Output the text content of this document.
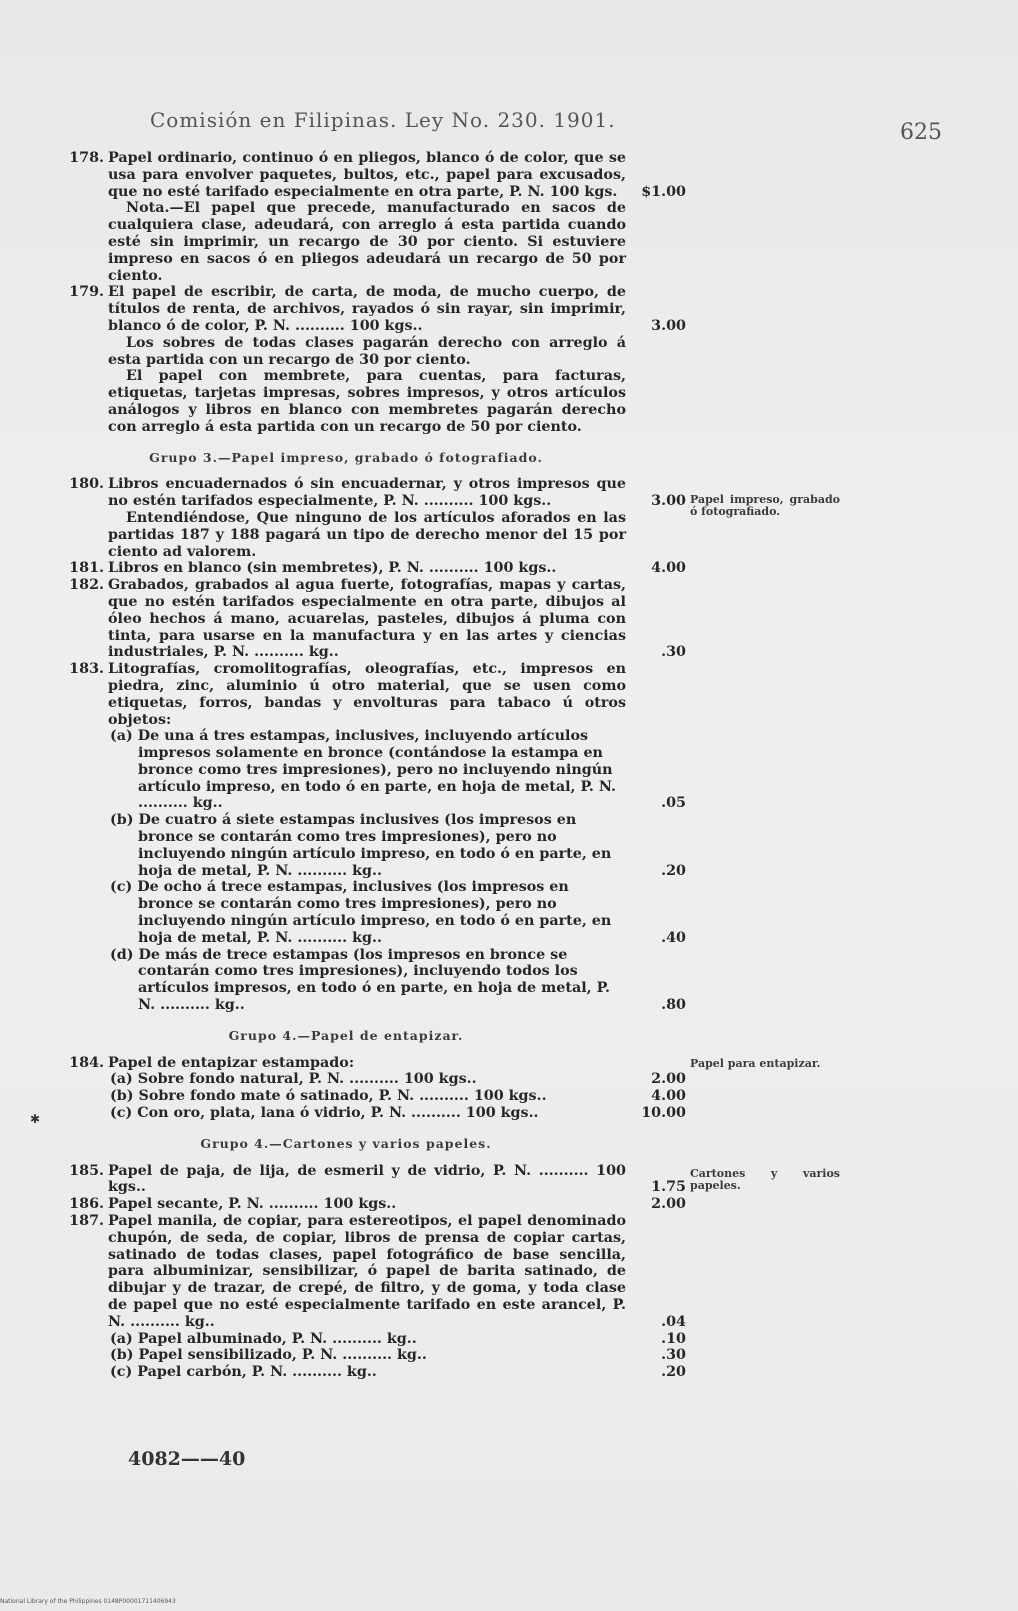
Comisión en Filipinas. Ley No. 230. 1901.	625
178. Papel ordinario, continuo ó en pliegos, blanco ó de color, que se usa para envolver paquetes, bultos, etc., papel para excusados, que no esté tarifado especialmente en otra parte, P. N. 100 kgs.	$1.00
Nota.—El papel que precede, manufacturado en sacos de cualquiera clase, adeudará, con arreglo á esta partida cuando esté sin imprimir, un recargo de 30 por ciento. Si estuviere impreso en sacos ó en pliegos adeudará un recargo de 50 por ciento.
179. El papel de escribir, de carta, de moda, de mucho cuerpo, de títulos de renta, de archivos, rayados ó sin rayar, sin imprimir, blanco ó de color, P. N. .......... 100 kgs..	3.00
Los sobres de todas clases pagarán derecho con arreglo á esta partida con un recargo de 30 por ciento.
El papel con membrete, para cuentas, para facturas, etiquetas, tarjetas impresas, sobres impresos, y otros artículos análogos y libros en blanco con membretes pagarán derecho con arreglo á esta partida con un recargo de 50 por ciento.
Grupo 3.—Papel impreso, grabado ó fotografiado.
180. Libros encuadernados ó sin encuadernar, y otros impresos que no estén tarifados especialmente, P. N. .......... 100 kgs..	3.00
Entendiéndose, Que ninguno de los artículos aforados en las partidas 187 y 188 pagará un tipo de derecho menor del 15 por ciento ad valorem.
181. Libros en blanco (sin membretes), P. N. .......... 100 kgs..	4.00
182. Grabados, grabados al agua fuerte, fotografías, mapas y cartas, que no estén tarifados especialmente en otra parte, dibujos al óleo hechos á mano, acuarelas, pasteles, dibujos á pluma con tinta, para usarse en la manufactura y en las artes y ciencias industriales, P. N. .......... kg..	.30
183. Litografías, cromolitografías, oleografías, etc., impresos en piedra, zinc, aluminio ú otro material, que se usen como etiquetas, forros, bandas y envolturas para tabaco ú otros objetos:
(a) De una á tres estampas, inclusives, incluyendo artículos impresos solamente en bronce (contándose la estampa en bronce como tres impresiones), pero no incluyendo ningún artículo impreso, en todo ó en parte, en hoja de metal, P. N. .......... kg..	.05
(b) De cuatro á siete estampas inclusives (los impresos en bronce se contarán como tres impresiones), pero no incluyendo ningún artículo impreso, en todo ó en parte, en hoja de metal, P. N. .......... kg..	.20
(c) De ocho á trece estampas, inclusives (los impresos en bronce se contarán como tres impresiones), pero no incluyendo ningún artículo impreso, en todo ó en parte, en hoja de metal, P. N. .......... kg..	.40
(d) De más de trece estampas (los impresos en bronce se contarán como tres impresiones), incluyendo todos los artículos impresos, en todo ó en parte, en hoja de metal, P. N. .......... kg..	.80
Grupo 4.—Papel de entapizar.
184. Papel de entapizar estampado:
(a) Sobre fondo natural, P. N. .......... 100 kgs..	2.00
(b) Sobre fondo mate ó satinado, P. N. .......... 100 kgs..	4.00
(c) Con oro, plata, lana ó vidrio, P. N. .......... 100 kgs..	10.00
Grupo 4.—Cartones y varios papeles.
185. Papel de paja, de lija, de esmeril y de vidrio, P. N. .......... 100 kgs..	1.75
186. Papel secante, P. N. .......... 100 kgs..	2.00
187. Papel manila, de copiar, para estereotipos, el papel denominado chupón, de seda, de copiar, libros de prensa de copiar cartas, satinado de todas clases, papel fotográfico de base sencilla, para albuminizar, sensibilizar, ó papel de barita satinado, de dibujar y de trazar, de crepé, de filtro, y de goma, y toda clase de papel que no esté especialmente tarifado en este arancel, P. N. .......... kg..	.04
(a) Papel albuminado, P. N. .......... kg..	.10
(b) Papel sensibilizado, P. N. .......... kg..	.30
(c) Papel carbón, P. N. .......... kg..	.20
Papel impreso, grabado ó fotografiado.
Papel para entapizar.
Cartones y varios papeles.
✱
4082——40
National Library of the Philippines 0148P00001711406943
